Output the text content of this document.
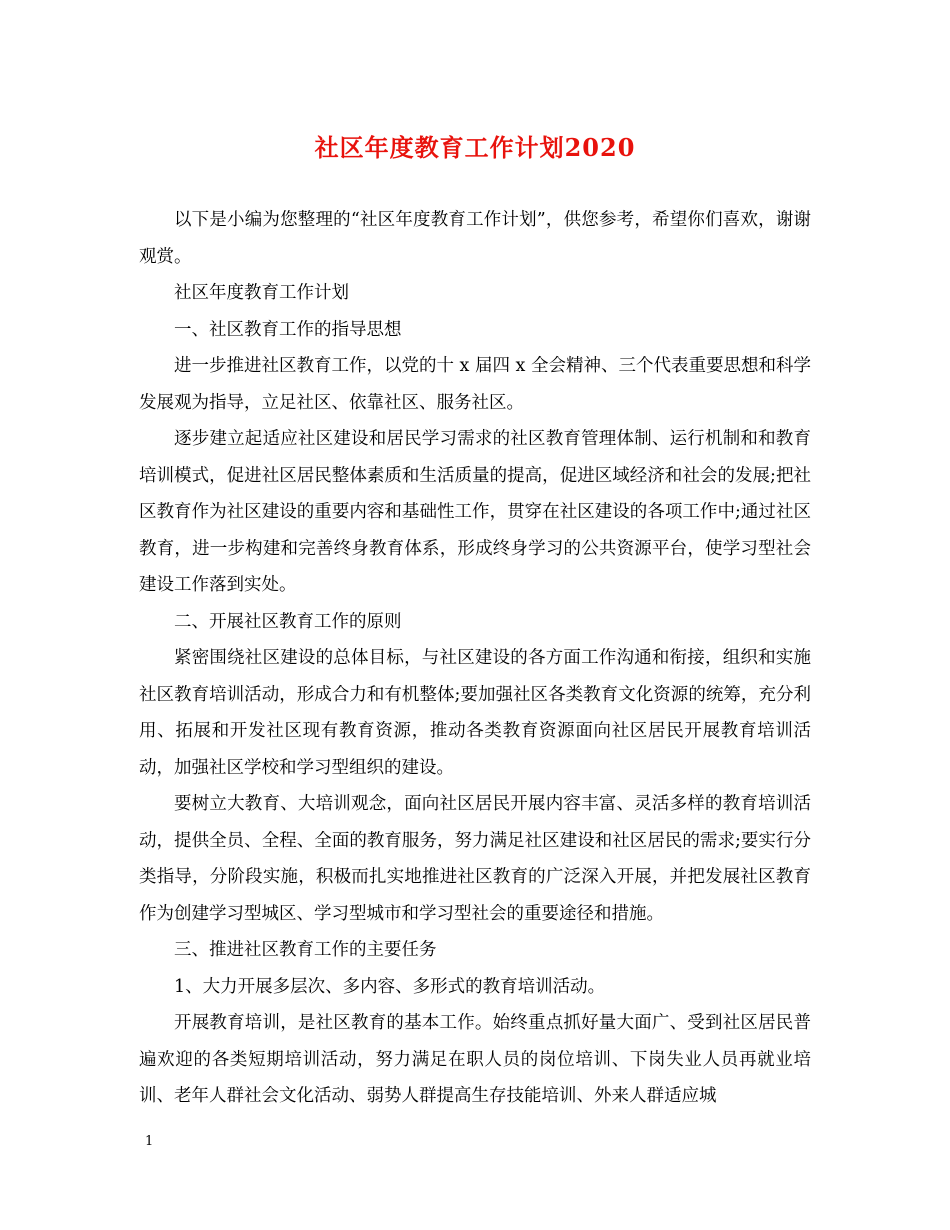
社区年度教育工作计划2020

以下是小编为您整理的“社区年度教育工作计划”，供您参考，希望你们喜欢，谢谢观赏。

社区年度教育工作计划

一、社区教育工作的指导思想

进一步推进社区教育工作，以党的十 x 届四 x 全会精神、三个代表重要思想和科学发展观为指导，立足社区、依靠社区、服务社区。

逐步建立起适应社区建设和居民学习需求的社区教育管理体制、运行机制和和教育培训模式，促进社区居民整体素质和生活质量的提高，促进区域经济和社会的发展;把社区教育作为社区建设的重要内容和基础性工作，贯穿在社区建设的各项工作中;通过社区教育，进一步构建和完善终身教育体系，形成终身学习的公共资源平台，使学习型社会建设工作落到实处。

二、开展社区教育工作的原则

紧密围绕社区建设的总体目标，与社区建设的各方面工作沟通和衔接，组织和实施社区教育培训活动，形成合力和有机整体;要加强社区各类教育文化资源的统筹，充分利用、拓展和开发社区现有教育资源，推动各类教育资源面向社区居民开展教育培训活动，加强社区学校和学习型组织的建设。

要树立大教育、大培训观念，面向社区居民开展内容丰富、灵活多样的教育培训活动，提供全员、全程、全面的教育服务，努力满足社区建设和社区居民的需求;要实行分类指导，分阶段实施，积极而扎实地推进社区教育的广泛深入开展，并把发展社区教育作为创建学习型城区、学习型城市和学习型社会的重要途径和措施。

三、推进社区教育工作的主要任务

1、大力开展多层次、多内容、多形式的教育培训活动。

开展教育培训，是社区教育的基本工作。始终重点抓好量大面广、受到社区居民普遍欢迎的各类短期培训活动，努力满足在职人员的岗位培训、下岗失业人员再就业培训、老年人群社会文化活动、弱势人群提高生存技能培训、外来人群适应城

1
